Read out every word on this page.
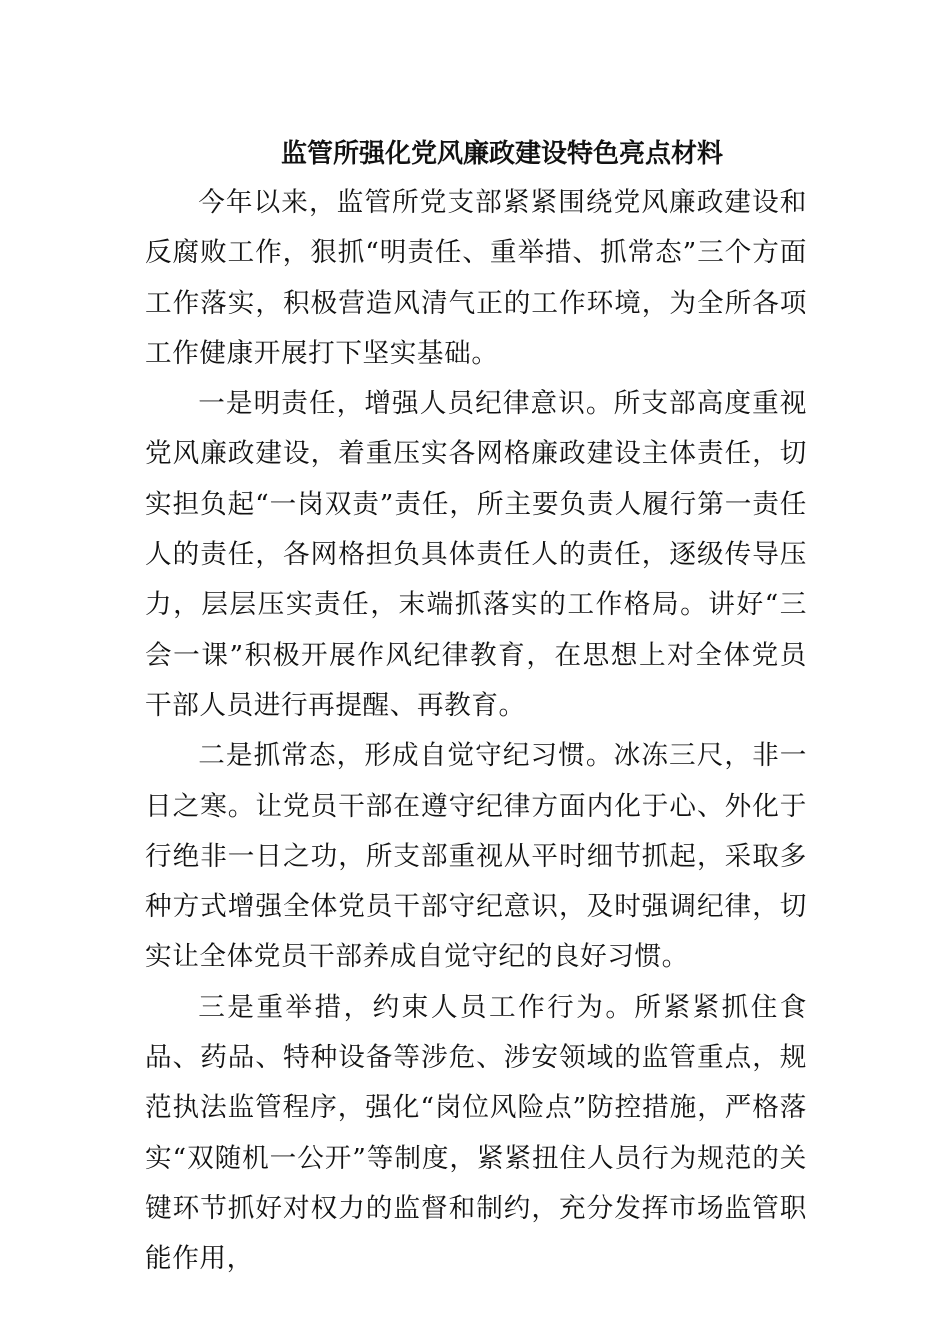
监管所强化党风廉政建设特色亮点材料

今年以来，监管所党支部紧紧围绕党风廉政建设和反腐败工作，狠抓“明责任、重举措、抓常态”三个方面工作落实，积极营造风清气正的工作环境，为全所各项工作健康开展打下坚实基础。

一是明责任，增强人员纪律意识。所支部高度重视党风廉政建设，着重压实各网格廉政建设主体责任，切实担负起“一岗双责”责任，所主要负责人履行第一责任人的责任，各网格担负具体责任人的责任，逐级传导压力，层层压实责任，末端抓落实的工作格局。讲好“三会一课”积极开展作风纪律教育，在思想上对全体党员干部人员进行再提醒、再教育。

二是抓常态，形成自觉守纪习惯。冰冻三尺，非一日之寒。让党员干部在遵守纪律方面内化于心、外化于行绝非一日之功，所支部重视从平时细节抓起，采取多种方式增强全体党员干部守纪意识，及时强调纪律，切实让全体党员干部养成自觉守纪的良好习惯。

三是重举措，约束人员工作行为。所紧紧抓住食品、药品、特种设备等涉危、涉安领域的监管重点，规范执法监管程序，强化“岗位风险点”防控措施，严格落实“双随机一公开”等制度，紧紧扭住人员行为规范的关键环节抓好对权力的监督和制约，充分发挥市场监管职能作用，
